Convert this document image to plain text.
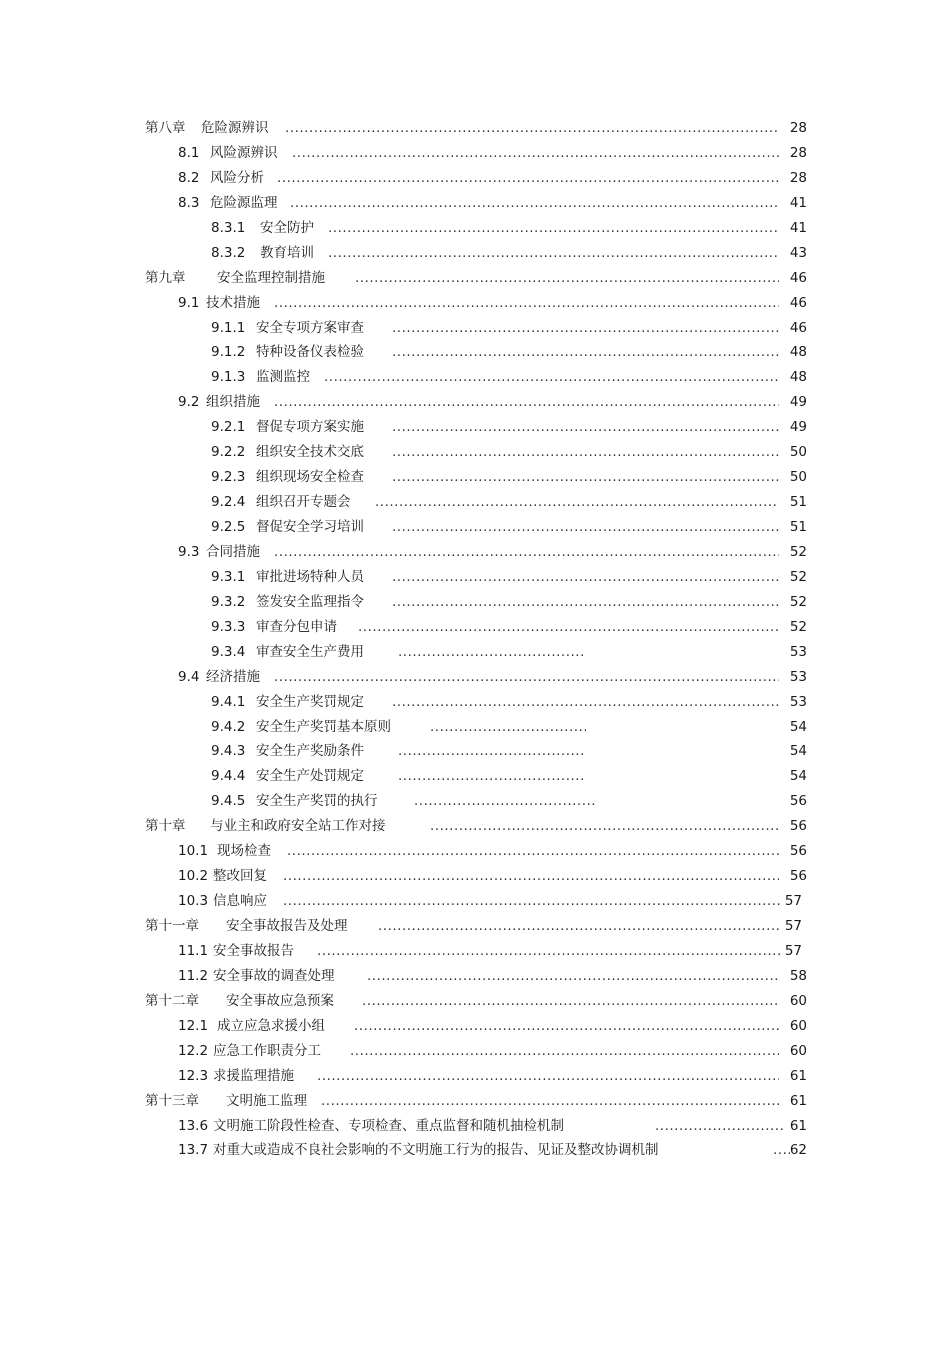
第八章 危险源辨识 .....	28
8.1 风险源辨识 .....	28
8.2 风险分析 .....	28
8.3 危险源监理 .....	41
8.3.1 安全防护 .....	41
8.3.2 教育培训 .....	43
第九章 安全监理控制措施 .....	46
9.1 技术措施 .....	46
9.1.1 安全专项方案审查 .....	46
9.1.2 特种设备仪表检验 .....	48
9.1.3 监测监控 .....	48
9.2 组织措施 .....	49
9.2.1 督促专项方案实施 .....	49
9.2.2 组织安全技术交底 .....	50
9.2.3 组织现场安全检查 .....	50
9.2.4 组织召开专题会 .....	51
9.2.5 督促安全学习培训 .....	51
9.3 合同措施 .....	52
9.3.1 审批进场特种人员 .....	52
9.3.2 签发安全监理指令 .....	52
9.3.3 审查分包申请 .....	52
9.3.4 审查安全生产费用 .....	53
9.4 经济措施 .....	53
9.4.1 安全生产奖罚规定 .....	53
9.4.2 安全生产奖罚基本原则 .....	54
9.4.3 安全生产奖励条件 .....	54
9.4.4 安全生产处罚规定 .....	54
9.4.5 安全生产奖罚的执行 .....	56
第十章 与业主和政府安全站工作对接 .....	56
10.1 现场检查 .....	56
10.2 整改回复 .....	56
10.3 信息响应 .....	57
第十一章 安全事故报告及处理 .....	57
11.1 安全事故报告 .....	57
11.2 安全事故的调查处理 .....	58
第十二章 安全事故应急预案 .....	60
12.1 成立应急求援小组 .....	60
12.2 应急工作职责分工 .....	60
12.3 求援监理措施 .....	61
第十三章 文明施工监理 .....	61
13.6 文明施工阶段性检查、专项检查、重点监督和随机抽检机制 .....	61
13.7 对重大或造成不良社会影响的不文明施工行为的报告、见证及整改协调机制 .....	62
